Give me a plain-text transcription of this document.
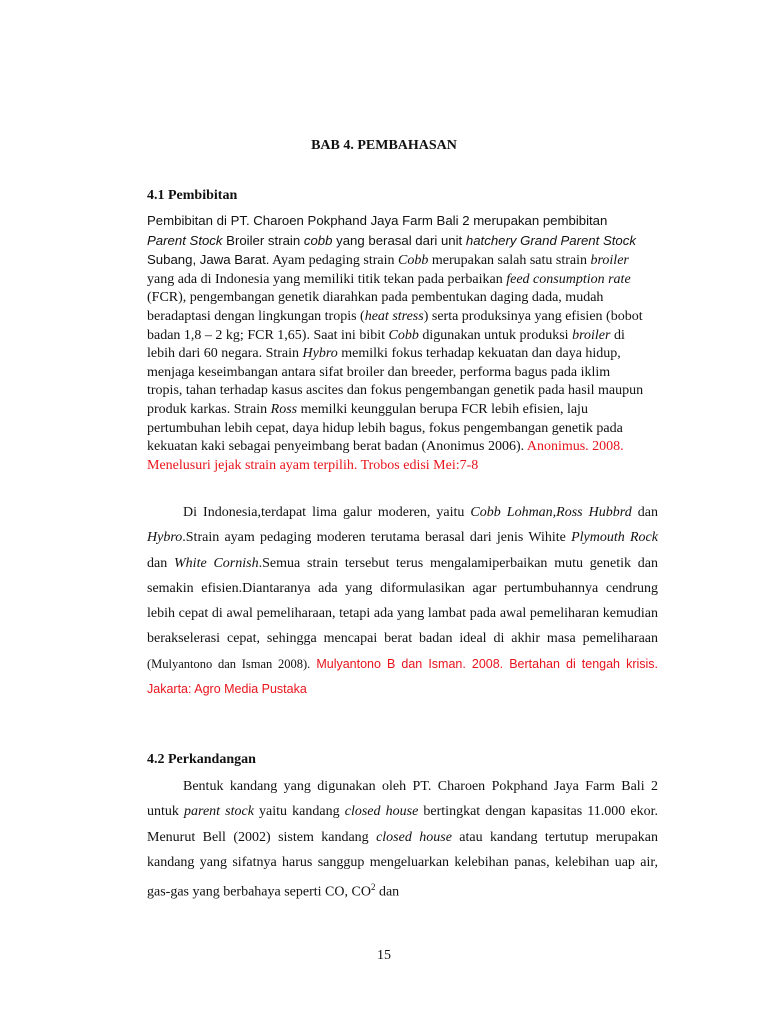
BAB 4. PEMBAHASAN
4.1 Pembibitan
Pembibitan di PT. Charoen Pokphand Jaya Farm Bali 2 merupakan pembibitan Parent Stock Broiler strain cobb yang berasal dari unit hatchery Grand Parent Stock Subang, Jawa Barat. Ayam pedaging strain Cobb merupakan salah satu strain broiler yang ada di Indonesia yang memiliki titik tekan pada perbaikan feed consumption rate (FCR), pengembangan genetik diarahkan pada pembentukan daging dada, mudah beradaptasi dengan lingkungan tropis (heat stress) serta produksinya yang efisien (bobot badan 1,8 – 2 kg; FCR 1,65). Saat ini bibit Cobb digunakan untuk produksi broiler di lebih dari 60 negara. Strain Hybro memilki fokus terhadap kekuatan dan daya hidup, menjaga keseimbangan antara sifat broiler dan breeder, performa bagus pada iklim tropis, tahan terhadap kasus ascites dan fokus pengembangan genetik pada hasil maupun produk karkas. Strain Ross memilki keunggulan berupa FCR lebih efisien, laju pertumbuhan lebih cepat, daya hidup lebih bagus, fokus pengembangan genetik pada kekuatan kaki sebagai penyeimbang berat badan (Anonimus 2006). Anonimus. 2008. Menelusuri jejak strain ayam terpilih. Trobos edisi Mei:7-8
Di Indonesia,terdapat lima galur moderen, yaitu Cobb Lohman,Ross Hubbrd dan Hybro.Strain ayam pedaging moderen terutama berasal dari jenis Wihite Plymouth Rock dan White Cornish.Semua strain tersebut terus mengalamiperbaikan mutu genetik dan semakin efisien.Diantaranya ada yang diformulasikan agar pertumbuhannya cendrung lebih cepat di awal pemeliharaan, tetapi ada yang lambat pada awal pemeliharan kemudian berakselerasi cepat, sehingga mencapai berat badan ideal di akhir masa pemeliharaan (Mulyantono dan Isman 2008). Mulyantono B dan Isman. 2008. Bertahan di tengah krisis. Jakarta: Agro Media Pustaka
4.2 Perkandangan
Bentuk kandang yang digunakan oleh PT. Charoen Pokphand Jaya Farm Bali 2 untuk parent stock yaitu kandang closed house bertingkat dengan kapasitas 11.000 ekor. Menurut Bell (2002) sistem kandang closed house atau kandang tertutup merupakan kandang yang sifatnya harus sanggup mengeluarkan kelebihan panas, kelebihan uap air, gas-gas yang berbahaya seperti CO, $CO^2$ dan
15
